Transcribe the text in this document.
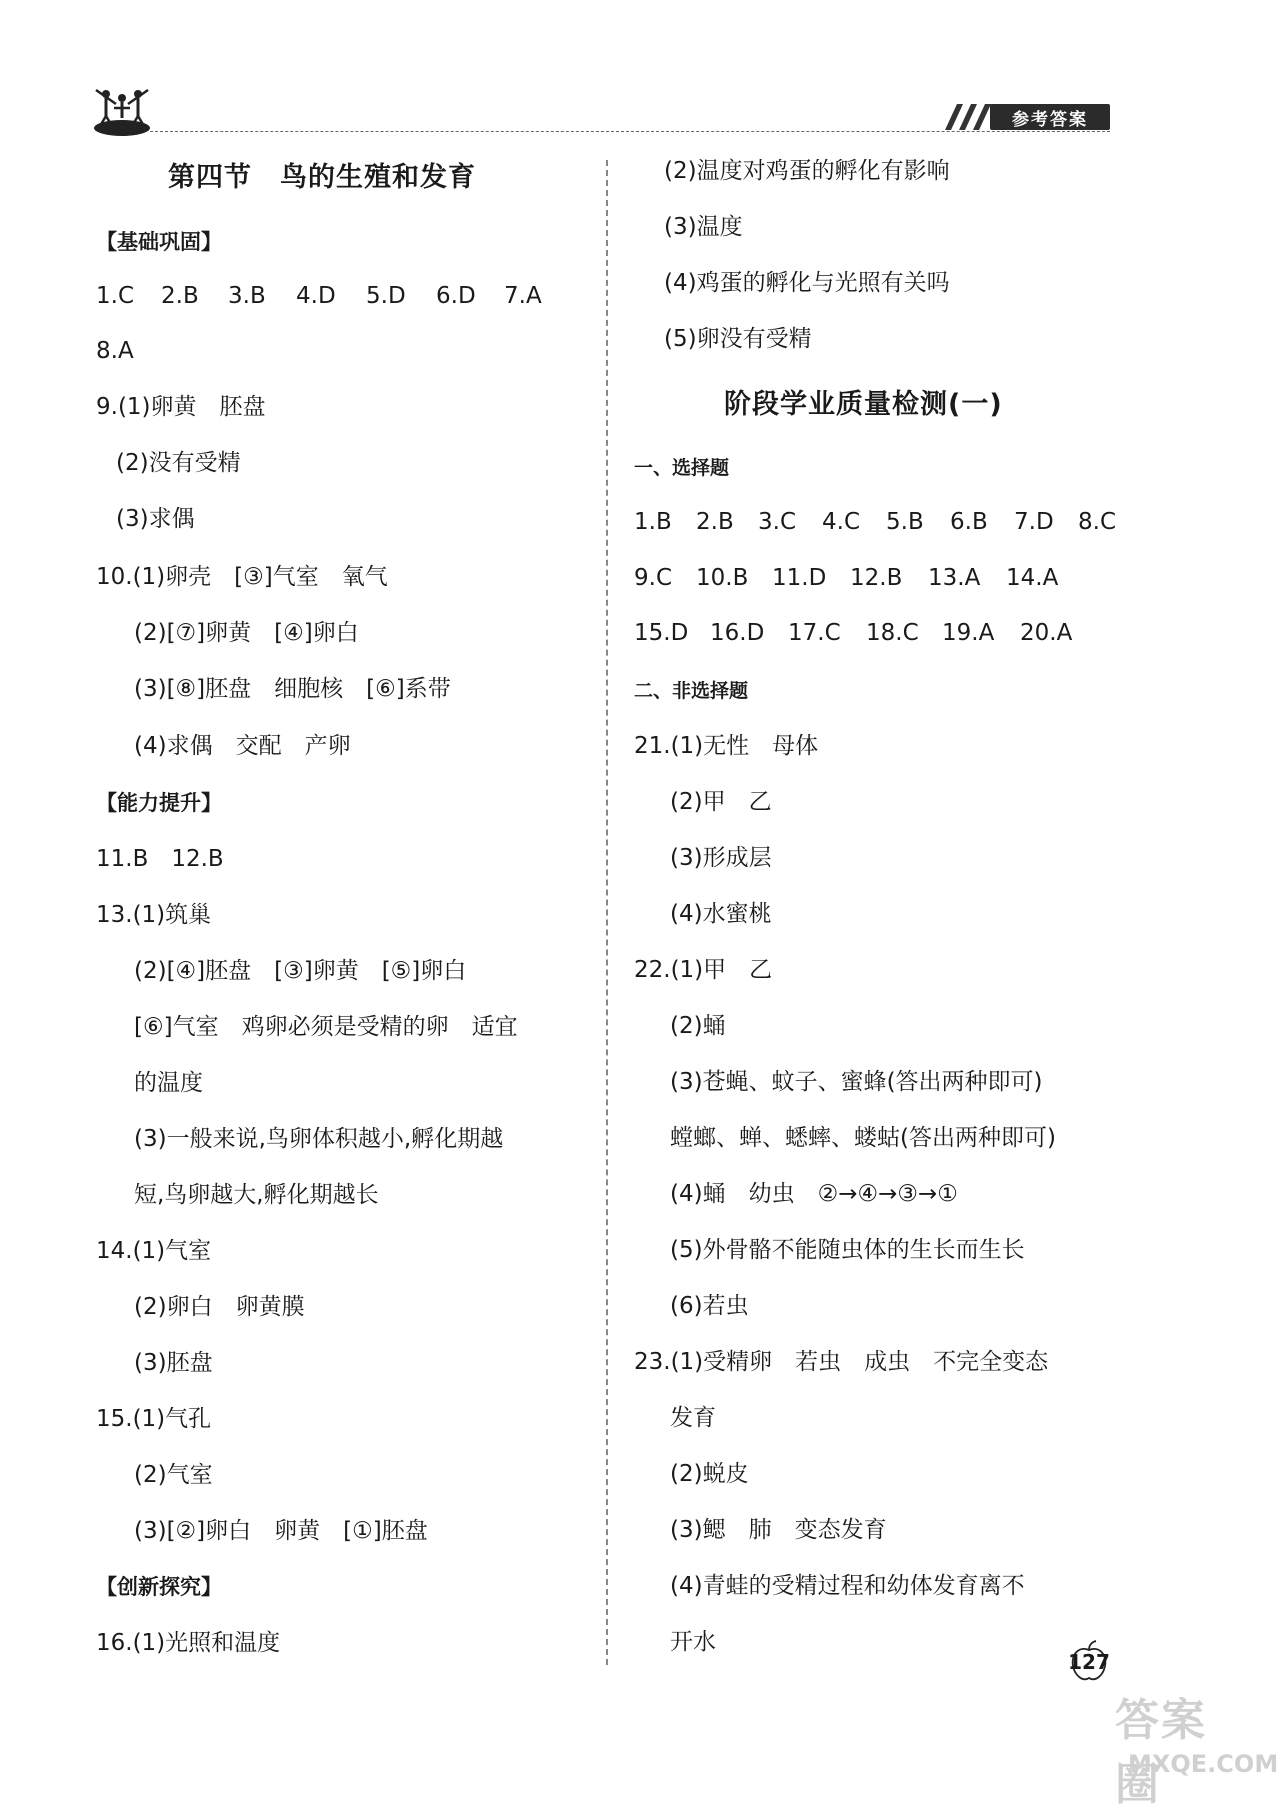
参考答案
第四节　鸟的生殖和发育
【基础巩固】
1.C 2.B 3.B 4.D 5.D 6.D 7.A
8.A
9.(1)卵黄　胚盘
(2)没有受精
(3)求偶
10.(1)卵壳　[③]气室　氧气
(2)[⑦]卵黄　[④]卵白
(3)[⑧]胚盘　细胞核　[⑥]系带
(4)求偶　交配　产卵
【能力提升】
11.B　12.B
13.(1)筑巢
(2)[④]胚盘　[③]卵黄　[⑤]卵白
[⑥]气室　鸡卵必须是受精的卵　适宜
的温度
(3)一般来说,鸟卵体积越小,孵化期越
短,鸟卵越大,孵化期越长
14.(1)气室
(2)卵白　卵黄膜
(3)胚盘
15.(1)气孔
(2)气室
(3)[②]卵白　卵黄　[①]胚盘
【创新探究】
16.(1)光照和温度
(2)温度对鸡蛋的孵化有影响
(3)温度
(4)鸡蛋的孵化与光照有关吗
(5)卵没有受精
阶段学业质量检测(一)
一、选择题
1.B 2.B 3.C 4.C 5.B 6.B 7.D 8.C
9.C 10.B 11.D 12.B 13.A 14.A
15.D 16.D 17.C 18.C 19.A 20.A
二、非选择题
21.(1)无性　母体
(2)甲　乙
(3)形成层
(4)水蜜桃
22.(1)甲　乙
(2)蛹
(3)苍蝇、蚊子、蜜蜂(答出两种即可)
螳螂、蝉、蟋蟀、蝼蛄(答出两种即可)
(4)蛹　幼虫　②→④→③→①
(5)外骨骼不能随虫体的生长而生长
(6)若虫
23.(1)受精卵　若虫　成虫　不完全变态
发育
(2)蜕皮
(3)鳃　肺　变态发育
(4)青蛙的受精过程和幼体发育离不
开水
127
答案圈
MXQE.COM
